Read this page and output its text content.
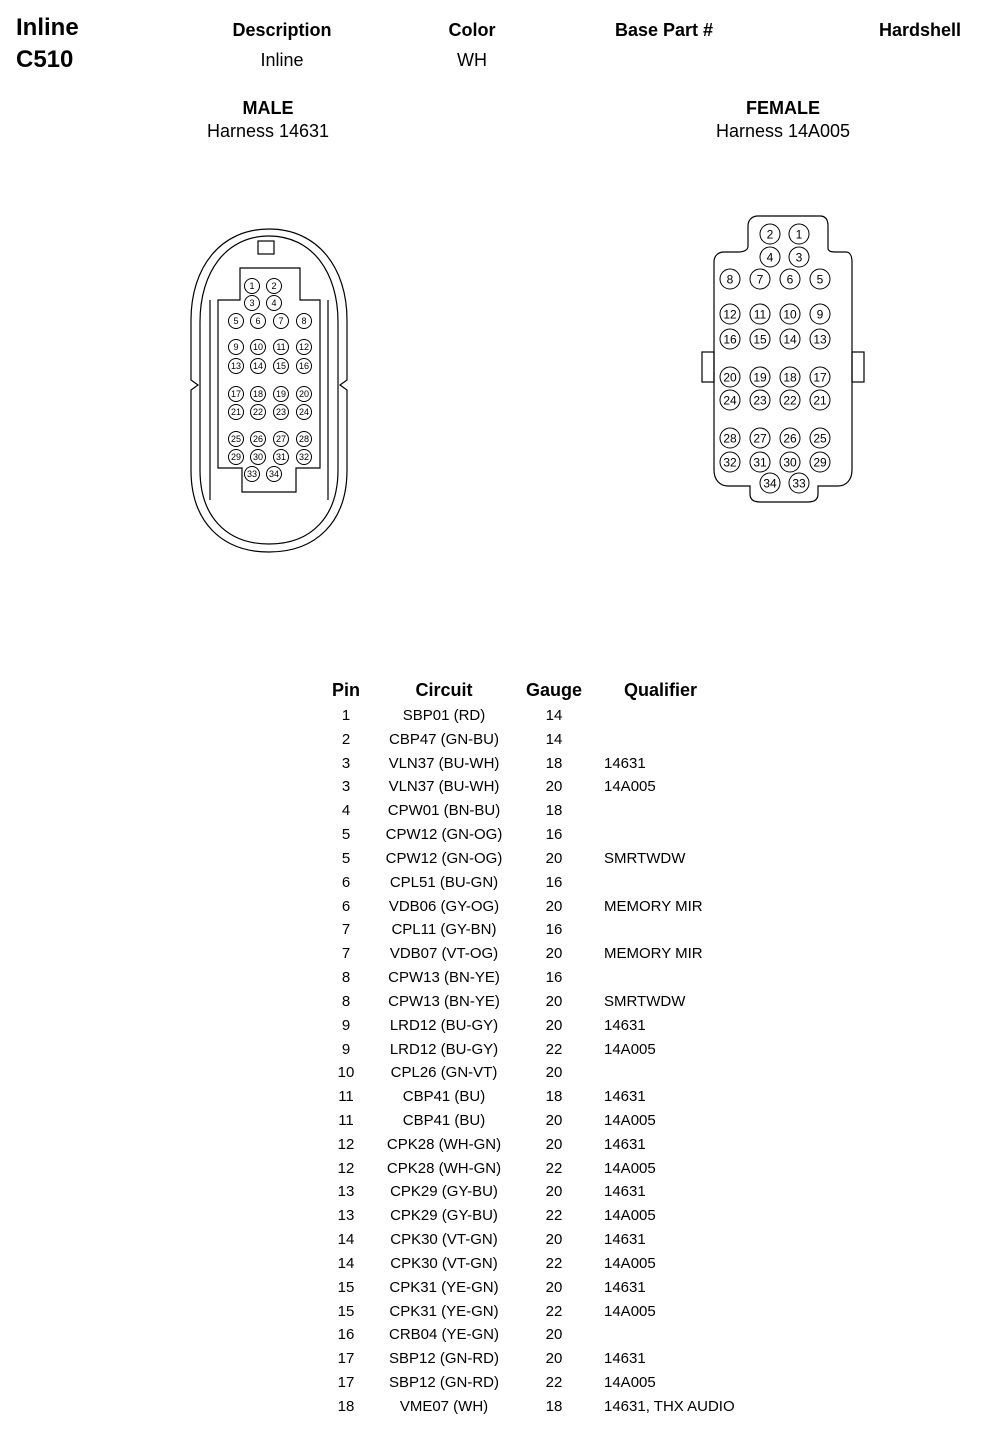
Inline
C510
Description	Color	Base Part #	Hardshell
Inline	WH
MALE
Harness 14631
FEMALE
Harness 14A005
1 2
3 4
5 6 7 8
9 10 11 12
13 14 15 16
17 18 19 20
21 22 23 24
25 26 27 28
29 30 31 32
33 34
2 1
4 3
8 7 6 5
12 11 10 9
16 15 14 13
20 19 18 17
24 23 22 21
28 27 26 25
32 31 30 29
34 33
Pin	Circuit	Gauge	Qualifier
1	SBP01 (RD)	14	
2	CBP47 (GN-BU)	14	
3	VLN37 (BU-WH)	18	14631
3	VLN37 (BU-WH)	20	14A005
4	CPW01 (BN-BU)	18	
5	CPW12 (GN-OG)	16	
5	CPW12 (GN-OG)	20	SMRTWDW
6	CPL51 (BU-GN)	16	
6	VDB06 (GY-OG)	20	MEMORY MIR
7	CPL11 (GY-BN)	16	
7	VDB07 (VT-OG)	20	MEMORY MIR
8	CPW13 (BN-YE)	16	
8	CPW13 (BN-YE)	20	SMRTWDW
9	LRD12 (BU-GY)	20	14631
9	LRD12 (BU-GY)	22	14A005
10	CPL26 (GN-VT)	20	
11	CBP41 (BU)	18	14631
11	CBP41 (BU)	20	14A005
12	CPK28 (WH-GN)	20	14631
12	CPK28 (WH-GN)	22	14A005
13	CPK29 (GY-BU)	20	14631
13	CPK29 (GY-BU)	22	14A005
14	CPK30 (VT-GN)	20	14631
14	CPK30 (VT-GN)	22	14A005
15	CPK31 (YE-GN)	20	14631
15	CPK31 (YE-GN)	22	14A005
16	CRB04 (YE-GN)	20	
17	SBP12 (GN-RD)	20	14631
17	SBP12 (GN-RD)	22	14A005
18	VME07 (WH)	18	14631, THX AUDIO
